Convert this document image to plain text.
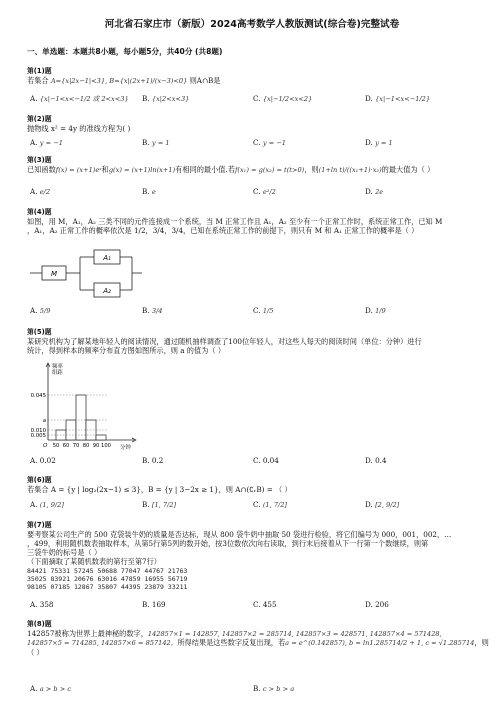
河北省石家庄市（新版）2024高考数学人教版测试(综合卷)完整试卷
一、单选题：本题共8小题，每小题5分，共40分 (共8题)
第(1)题
若集合 A={x|2x−1|<3}, B={x|(2x+1)/(x−3)<0} 则A∩B是
A. {x|−1<x<−1/2 或 2<x<3} B. {x|2<x<3}	C. {x|−1/2<x<2}	D. {x|−1<x<−1/2}
第(2)题
抛物线 x² = 4y 的准线方程为( )
A. y = −1	B. y = 1	C. y = −1	D. y = 1
第(3)题
已知函数f(x) = (x+1)eˣ和g(x) = (x+1)ln(x+1)有相同的最小值.若f(x₁) = g(x₂) = t(t>0)，则(1+ln t)/((x₁+1)·x₂)的最大值为（ ）
A. e/2	B. e	C. e²/2	D. 2e
第(4)题
如图，用 M，A₁，A₂ 三类不同的元件连接成一个系统，当 M 正常工作且 A₁，A₂ 至少有一个正常工作时，系统正常工作，已知 M
，A₁，A₂ 正常工作的概率依次是 1/2，3/4，3/4，已知在系统正常工作的前提下，则只有 M 和 A₁ 正常工作的概率是（ ）
M
A₁
A₂
A. 5/9	B. 3/4	C. 1/5	D. 1/9
第(5)题
某研究机构为了解某地年轻人的阅读情况，通过随机抽样调查了100位年轻人，对这些人每天的阅读时间（单位：分钟）进行
统计，得到样本的频率分布直方图如图所示，则 a 的值为（ ）
频率
组距
0.045
a
0.010
0.005
50 60 70 80 90 100
O	分钟
A. 0.02	B. 0.2	C. 0.04	D. 0.4
第(6)题
若集合 A = {y | log₂(2x−1) ≤ 3}，B = {y | 3−2x ≥ 1}，则 A∩(∁ᵣB) = （ ）
A. (1, 9/2]	B. [1, 7/2]	C. (1, 7/2]	D. [2, 9/2]
第(7)题
要考察某公司生产的 500 克袋装牛奶的质量是否达标，现从 800 袋牛奶中抽取 50 袋进行检验，将它们编号为 000，001，002，…
，499，利用随机数表抽取样本，从第5行第5列的数开始，按3位数依次向右读取，到行末后接着从下一行第一个数继续，则第
三袋牛奶的标号是（ ）
（下面摘取了某随机数表的第行至第7行）
84421 75331 57245 50688 77047 44767 21763
35025 83921 20676 63016 47859 16955 56719
98105 07185 12867 35807 44395 23879 33211
A. 358	B. 169	C. 455	D. 206
第(8)题
142857被称为世界上最神秘的数字，142857×1 = 142857, 142857×2 = 285714, 142857×3 = 428571, 142857×4 = 571428,
142857×5 = 714285, 142857×6 = 857142，所得结果是这些数字反复出现，若a = e^(0.142857), b = ln1.285714/2 + 1, c = √1.285714，则
（ ）
A. a > b > c	B. c > b > a
